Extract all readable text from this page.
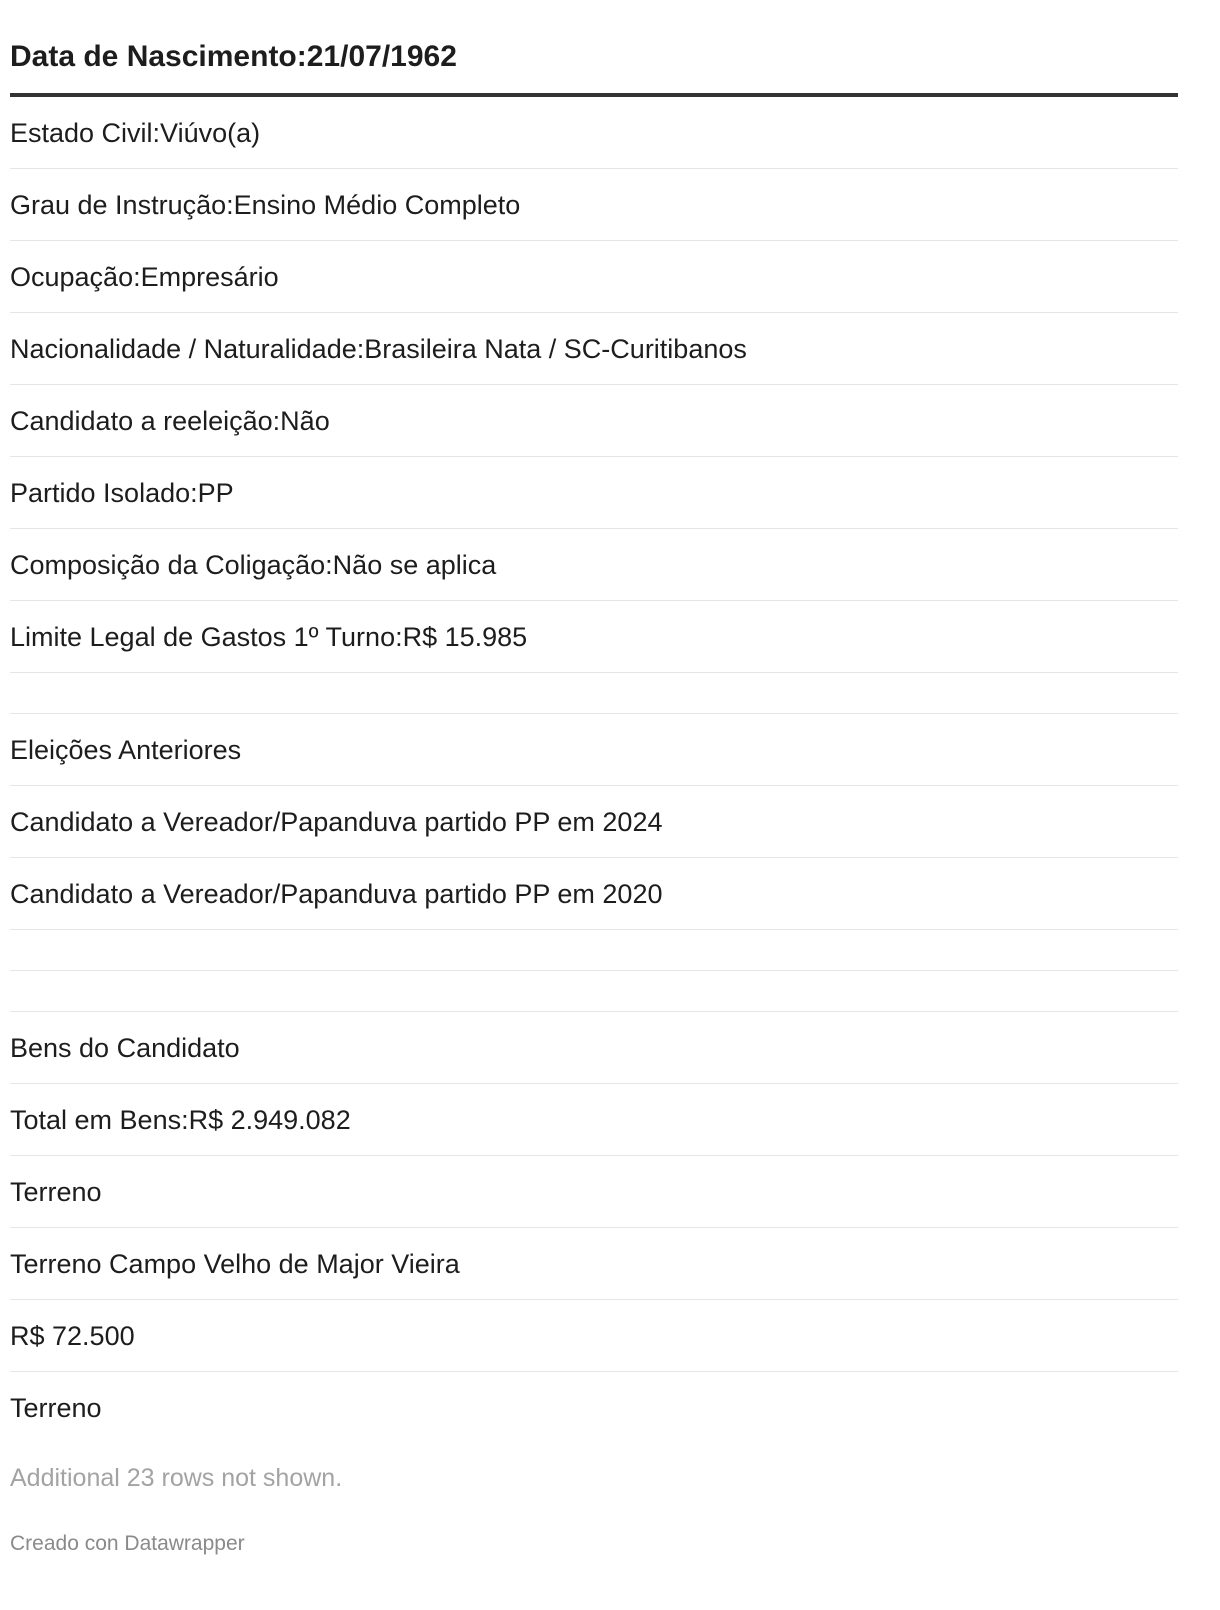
Data de Nascimento:21/07/1962
Estado Civil:Viúvo(a)
Grau de Instrução:Ensino Médio Completo
Ocupação:Empresário
Nacionalidade / Naturalidade:Brasileira Nata / SC-Curitibanos
Candidato a reeleição:Não
Partido Isolado:PP
Composição da Coligação:Não se aplica
Limite Legal de Gastos 1º Turno:R$ 15.985
Eleições Anteriores
Candidato a Vereador/Papanduva partido PP em 2024
Candidato a Vereador/Papanduva partido PP em 2020
Bens do Candidato
Total em Bens:R$ 2.949.082
Terreno
Terreno Campo Velho de Major Vieira
R$ 72.500
Terreno
Additional 23 rows not shown.
Creado con Datawrapper
